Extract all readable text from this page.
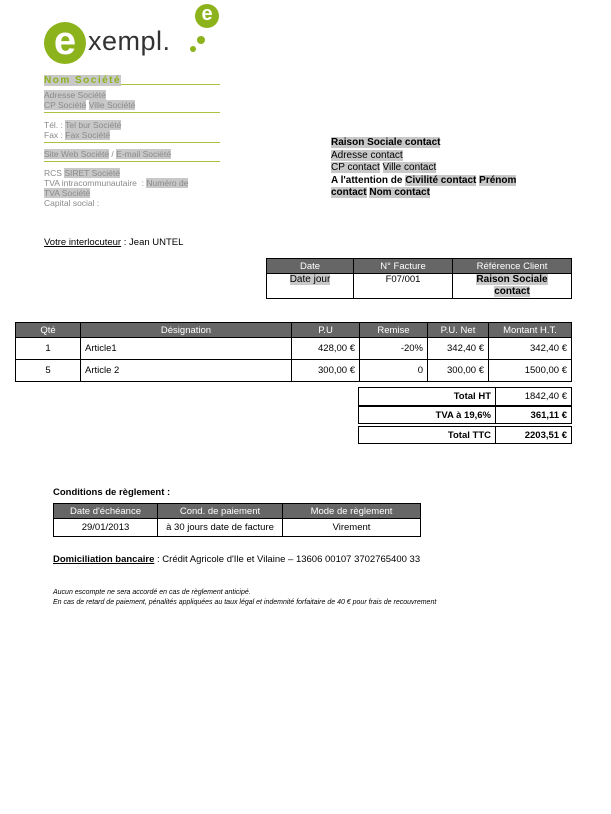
e xempl.
e
Nom Société
Adresse Société
CP Société Ville Société
Tél. : Tel bur Société
Fax : Fax Société
Site Web Société / E-mail Société
RCS SIRET Société
TVA intracommunautaire : Numéro de
TVA Société
Capital social :
Raison Sociale contact
Adresse contact
CP contact Ville contact
A l'attention de Civilité contact Prénom
contact Nom contact
Votre interlocuteur : Jean UNTEL
Date	N° Facture	Référence Client
Date jour	F07/001	Raison Sociale
contact
Qté	Désignation	P.U	Remise	P.U. Net	Montant H.T.
1	Article1	428,00 €	-20%	342,40 €	342,40 €
5	Article 2	300,00 €	0	300,00 €	1500,00 €
Total HT	1842,40 €
TVA à 19,6%	361,11 €
Total TTC	2203,51 €
Conditions de règlement :
Date d'échéance	Cond. de paiement	Mode de règlement
29/01/2013	à 30 jours date de facture	Virement
Domiciliation bancaire : Crédit Agricole d'Ile et Vilaine – 13606 00107 3702765400 33
Aucun escompte ne sera accordé en cas de règlement anticipé.
En cas de retard de paiement, pénalités appliquées au taux légal et indemnité forfaitaire de 40 € pour frais de recouvrement
